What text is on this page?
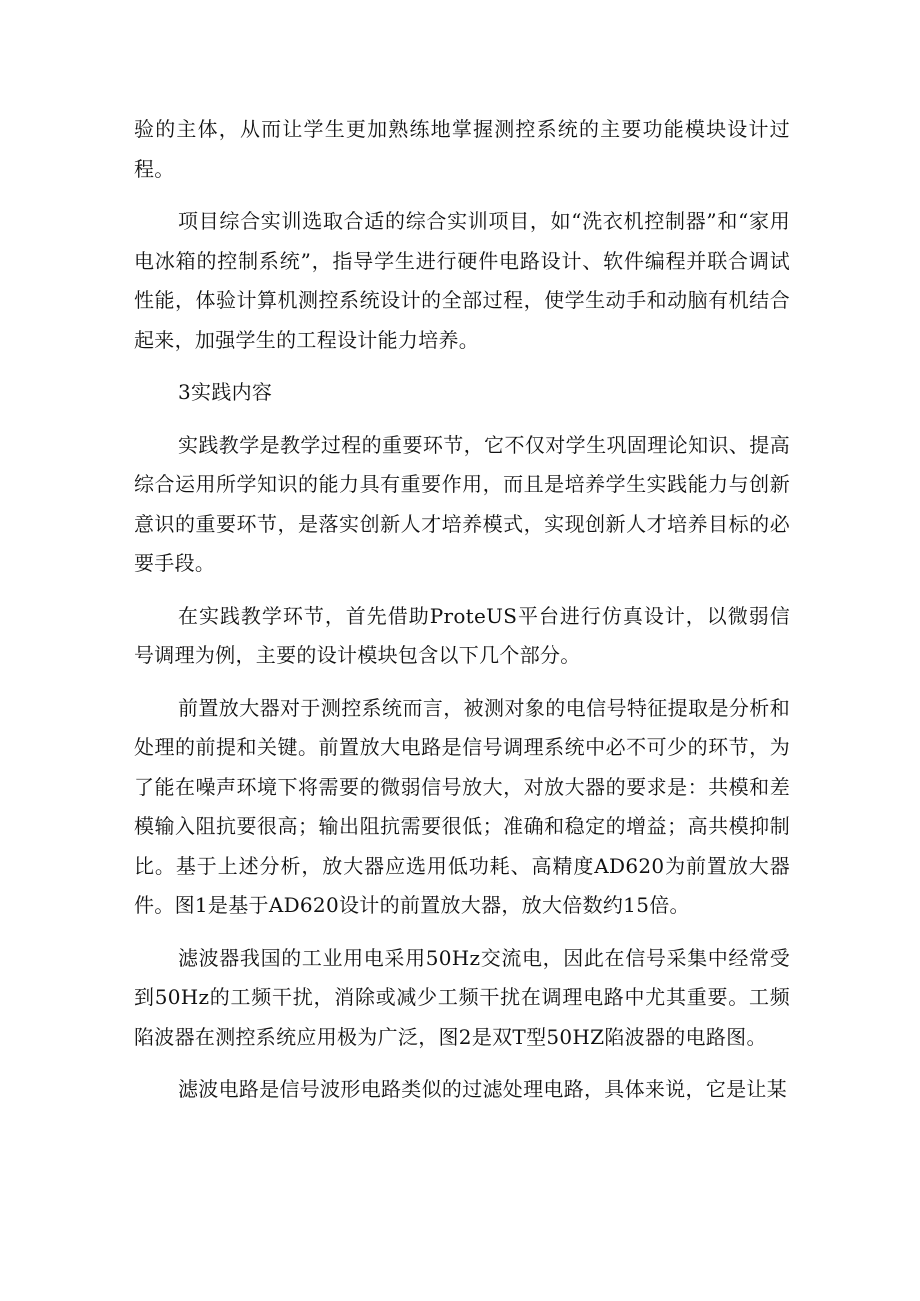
验的主体，从而让学生更加熟练地掌握测控系统的主要功能模块设计过程。

项目综合实训选取合适的综合实训项目，如“洗衣机控制器”和“家用电冰箱的控制系统”，指导学生进行硬件电路设计、软件编程并联合调试性能，体验计算机测控系统设计的全部过程，使学生动手和动脑有机结合起来，加强学生的工程设计能力培养。

3实践内容

实践教学是教学过程的重要环节，它不仅对学生巩固理论知识、提高综合运用所学知识的能力具有重要作用，而且是培养学生实践能力与创新意识的重要环节，是落实创新人才培养模式，实现创新人才培养目标的必要手段。

在实践教学环节，首先借助ProteUS平台进行仿真设计，以微弱信号调理为例，主要的设计模块包含以下几个部分。

前置放大器对于测控系统而言，被测对象的电信号特征提取是分析和处理的前提和关键。前置放大电路是信号调理系统中必不可少的环节，为了能在噪声环境下将需要的微弱信号放大，对放大器的要求是：共模和差模输入阻抗要很高；输出阻抗需要很低；准确和稳定的增益；高共模抑制比。基于上述分析，放大器应选用低功耗、高精度AD620为前置放大器件。图1是基于AD620设计的前置放大器，放大倍数约15倍。

滤波器我国的工业用电采用50Hz交流电，因此在信号采集中经常受到50Hz的工频干扰，消除或减少工频干扰在调理电路中尤其重要。工频陷波器在测控系统应用极为广泛，图2是双T型50HZ陷波器的电路图。

滤波电路是信号波形电路类似的过滤处理电路，具体来说，它是让某
